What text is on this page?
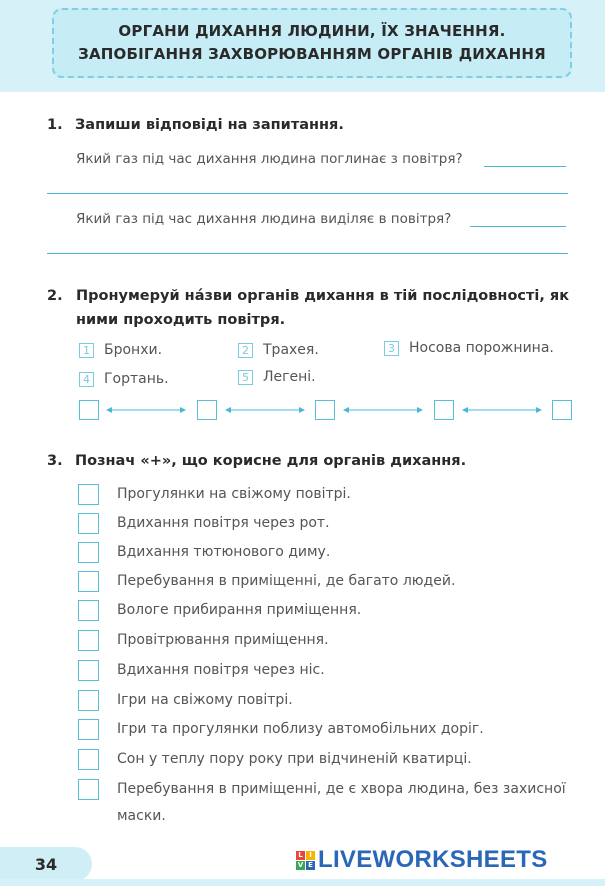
ОРГАНИ ДИХАННЯ ЛЮДИНИ, ЇХ ЗНАЧЕННЯ.
ЗАПОБІГАННЯ ЗАХВОРЮВАННЯМ ОРГАНІВ ДИХАННЯ
1. Запиши відповіді на запитання.
Який газ під час дихання людина поглинає з повітря?
Який газ під час дихання людина виділяє в повітря?
2. Пронумеруй на́зви органів дихання в тій послідовності, як
ними проходить повітря.
1 Бронхи.	2 Трахея.	3 Носова порожнина.
4 Гортань.	5 Легені.
3. Познач «+», що корисне для органів дихання.
Прогулянки на свіжому повітрі.
Вдихання повітря через рот.
Вдихання тютюнового диму.
Перебування в приміщенні, де багато людей.
Вологе прибирання приміщення.
Провітрювання приміщення.
Вдихання повітря через ніс.
Ігри на свіжому повітрі.
Ігри та прогулянки поблизу автомобільних доріг.
Сон у теплу пору року при відчиненій кватирці.
Перебування в приміщенні, де є хвора людина, без захисної
маски.
34	L I
V E LIVEWORKSHEETS
